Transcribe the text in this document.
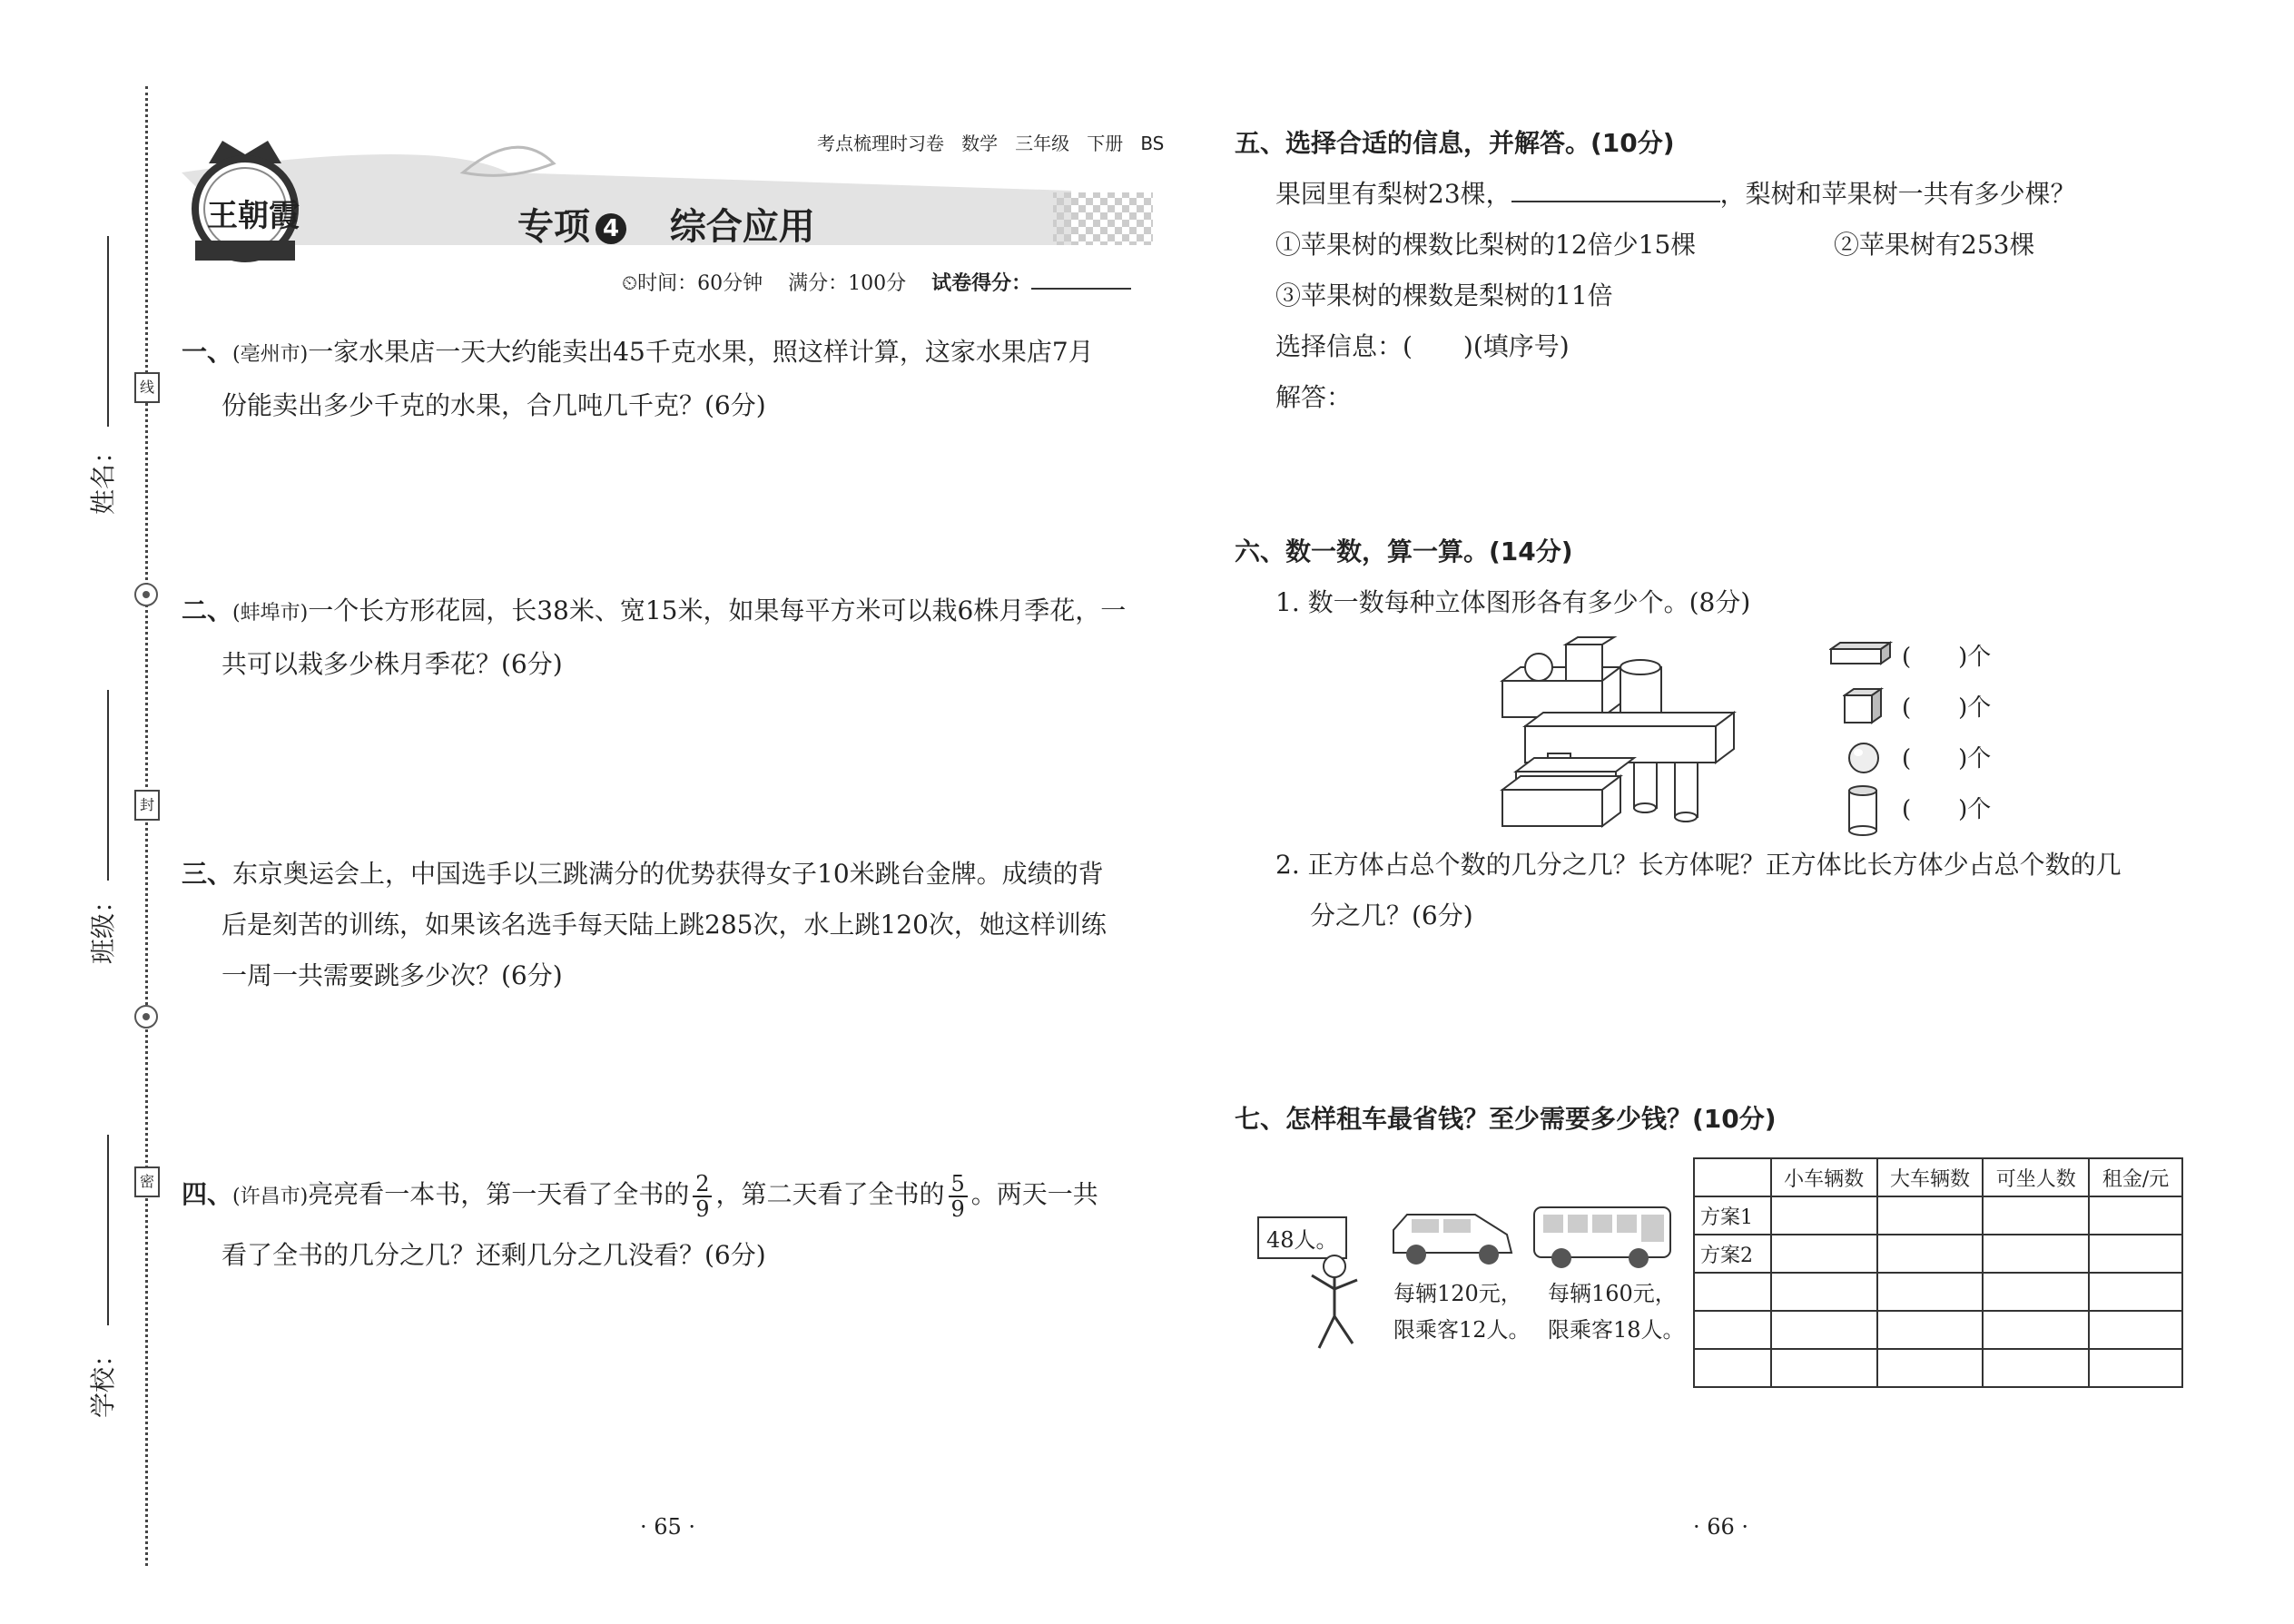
姓名：
班级：
学校：
线
封
密
王朝霞
考点梳理时习卷 数学 三年级 下册 BS
专项 4 综合应用
⏲时间：60分钟 满分：100分 试卷得分：
一、(亳州市)一家水果店一天大约能卖出45千克水果，照这样计算，这家水果店7月
份能卖出多少千克的水果，合几吨几千克？(6分)
二、(蚌埠市)一个长方形花园，长38米、宽15米，如果每平方米可以栽6株月季花，一
共可以栽多少株月季花？(6分)
三、东京奥运会上，中国选手以三跳满分的优势获得女子10米跳台金牌。成绩的背
后是刻苦的训练，如果该名选手每天陆上跳285次，水上跳120次，她这样训练
一周一共需要跳多少次？(6分)
四、(许昌市)亮亮看一本书，第一天看了全书的 $\frac{2}{9}$ ，第二天看了全书的 $\frac{5}{9}$ 。两天一共
看了全书的几分之几？还剩几分之几没看？(6分)
· 65 ·
五、选择合适的信息，并解答。(10分)
果园里有梨树23棵，	，梨树和苹果树一共有多少棵？
①苹果树的棵数比梨树的12倍少15棵	②苹果树有253棵
③苹果树的棵数是梨树的11倍
选择信息：(　　)(填序号)
解答：
六、数一数，算一算。(14分)
1. 数一数每种立体图形各有多少个。(8分)
(　　)个
(　　)个
(　　)个
(　　)个
2. 正方体占总个数的几分之几？长方体呢？正方体比长方体少占总个数的几
分之几？(6分)
七、怎样租车最省钱？至少需要多少钱？(10分)
48人。
每辆120元，
限乘客12人。
每辆160元，
限乘客18人。
	小车辆数	大车辆数	可坐人数	租金/元
方案1				
方案2				

· 66 ·
